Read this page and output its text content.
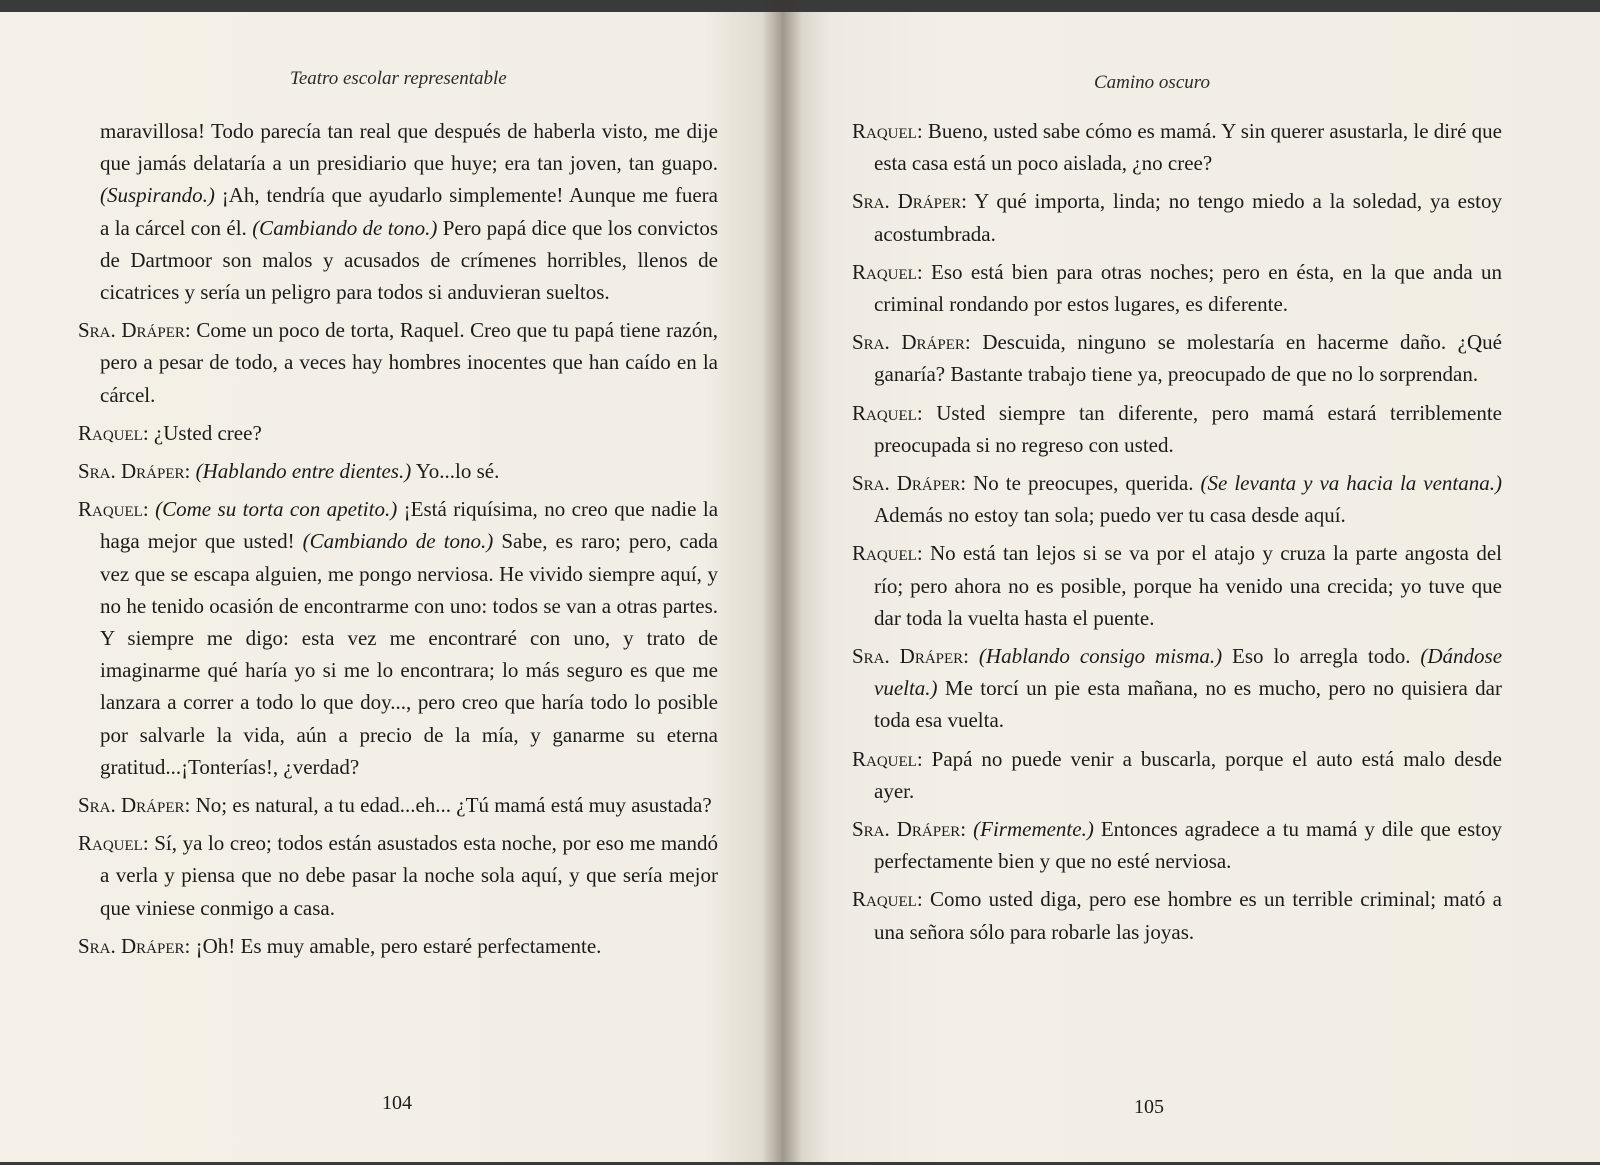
Teatro escolar representable
maravillosa! Todo parecía tan real que después de haberla visto, me dije que jamás delataría a un presidiario que huye; era tan joven, tan guapo. (Suspirando.) ¡Ah, tendría que ayudarlo simplemente! Aunque me fuera a la cárcel con él. (Cambiando de tono.) Pero papá dice que los convictos de Dartmoor son malos y acusados de crímenes horribles, llenos de cicatrices y sería un peligro para todos si anduvieran sueltos.
Sra. Dráper: Come un poco de torta, Raquel. Creo que tu papá tiene razón, pero a pesar de todo, a veces hay hombres inocentes que han caído en la cárcel.
Raquel: ¿Usted cree?
Sra. Dráper: (Hablando entre dientes.) Yo...lo sé.
Raquel: (Come su torta con apetito.) ¡Está riquísima, no creo que nadie la haga mejor que usted! (Cambiando de tono.) Sabe, es raro; pero, cada vez que se escapa alguien, me pongo nerviosa. He vivido siempre aquí, y no he tenido ocasión de encontrarme con uno: todos se van a otras partes. Y siempre me digo: esta vez me encontraré con uno, y trato de imaginarme qué haría yo si me lo encontrara; lo más seguro es que me lanzara a correr a todo lo que doy..., pero creo que haría todo lo posible por salvarle la vida, aún a precio de la mía, y ganarme su eterna gratitud...¡Tonterías!, ¿verdad?
Sra. Dráper: No; es natural, a tu edad...eh... ¿Tú mamá está muy asustada?
Raquel: Sí, ya lo creo; todos están asustados esta noche, por eso me mandó a verla y piensa que no debe pasar la noche sola aquí, y que sería mejor que viniese conmigo a casa.
Sra. Dráper: ¡Oh! Es muy amable, pero estaré perfectamente.
104
Camino oscuro
Raquel: Bueno, usted sabe cómo es mamá. Y sin querer asustarla, le diré que esta casa está un poco aislada, ¿no cree?
Sra. Dráper: Y qué importa, linda; no tengo miedo a la soledad, ya estoy acostumbrada.
Raquel: Eso está bien para otras noches; pero en ésta, en la que anda un criminal rondando por estos lugares, es diferente.
Sra. Dráper: Descuida, ninguno se molestaría en hacerme daño. ¿Qué ganaría? Bastante trabajo tiene ya, preocupado de que no lo sorprendan.
Raquel: Usted siempre tan diferente, pero mamá estará terriblemente preocupada si no regreso con usted.
Sra. Dráper: No te preocupes, querida. (Se levanta y va hacia la ventana.) Además no estoy tan sola; puedo ver tu casa desde aquí.
Raquel: No está tan lejos si se va por el atajo y cruza la parte angosta del río; pero ahora no es posible, porque ha venido una crecida; yo tuve que dar toda la vuelta hasta el puente.
Sra. Dráper: (Hablando consigo misma.) Eso lo arregla todo. (Dándose vuelta.) Me torcí un pie esta mañana, no es mucho, pero no quisiera dar toda esa vuelta.
Raquel: Papá no puede venir a buscarla, porque el auto está malo desde ayer.
Sra. Dráper: (Firmemente.) Entonces agradece a tu mamá y dile que estoy perfectamente bien y que no esté nerviosa.
Raquel: Como usted diga, pero ese hombre es un terrible criminal; mató a una señora sólo para robarle las joyas.
105
